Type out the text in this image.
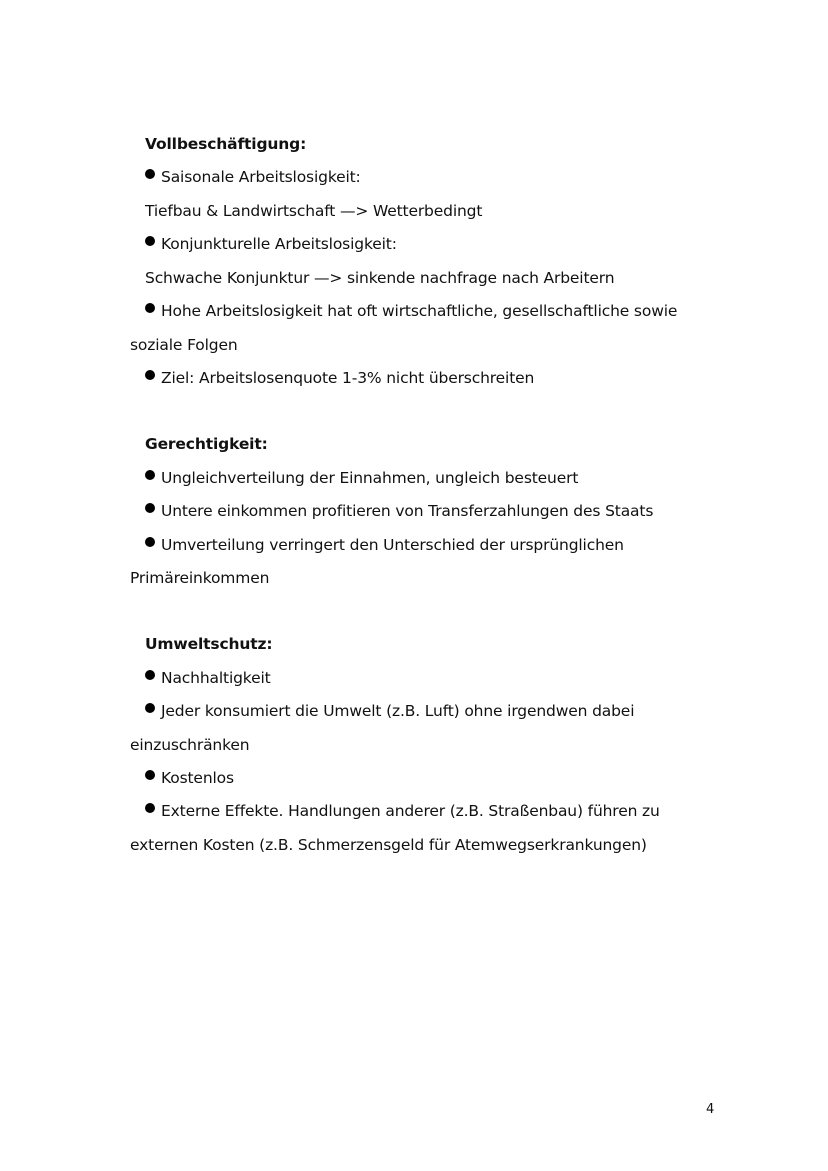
Vollbeschäftigung:
Saisonale Arbeitslosigkeit:
Tiefbau & Landwirtschaft —> Wetterbedingt
Konjunkturelle Arbeitslosigkeit:
Schwache Konjunktur —> sinkende nachfrage nach Arbeitern
Hohe Arbeitslosigkeit hat oft wirtschaftliche, gesellschaftliche sowie
soziale Folgen
Ziel: Arbeitslosenquote 1-3% nicht überschreiten
Gerechtigkeit:
Ungleichverteilung der Einnahmen, ungleich besteuert
Untere einkommen profitieren von Transferzahlungen des Staats
Umverteilung verringert den Unterschied der ursprünglichen
Primäreinkommen
Umweltschutz:
Nachhaltigkeit
Jeder konsumiert die Umwelt (z.B. Luft) ohne irgendwen dabei
einzuschränken
Kostenlos
Externe Effekte. Handlungen anderer (z.B. Straßenbau) führen zu
externen Kosten (z.B. Schmerzensgeld für Atemwegserkrankungen)
4
